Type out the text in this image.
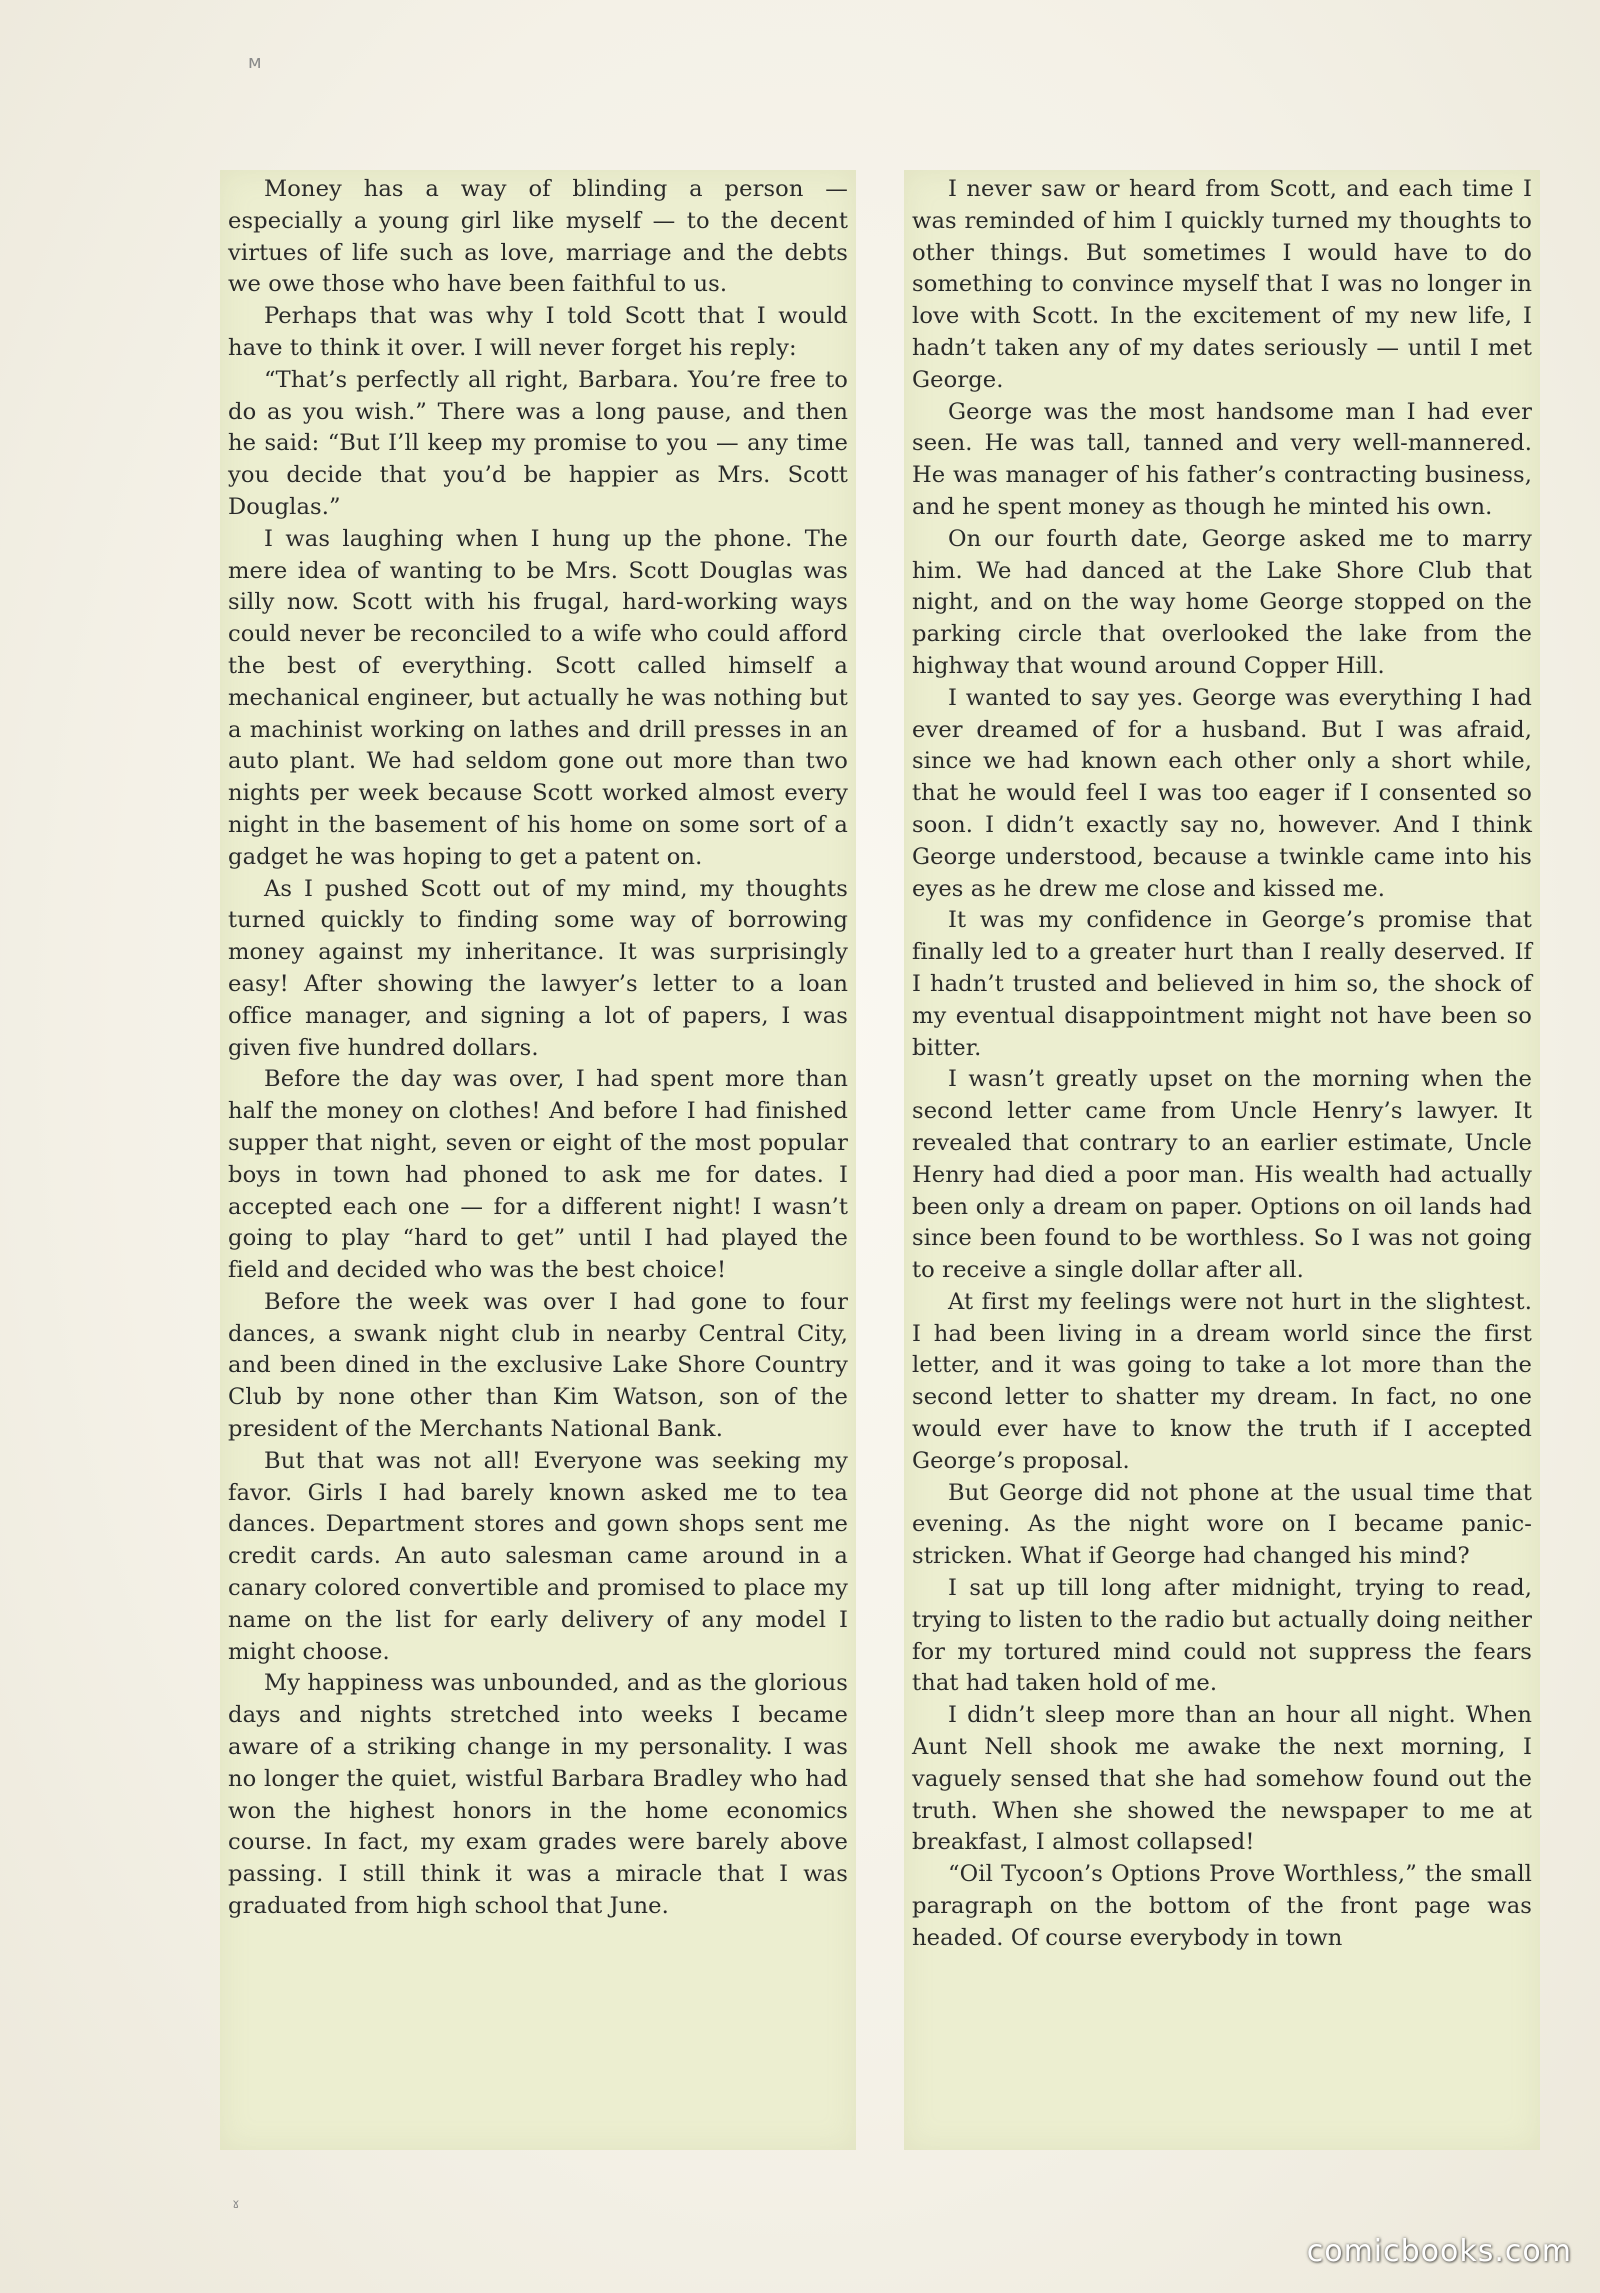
ᴍ

Money has a way of blinding a person — especially a young girl like myself — to the decent virtues of life such as love, marriage and the debts we owe those who have been faithful to us.

Perhaps that was why I told Scott that I would have to think it over. I will never forget his reply:

“That’s perfectly all right, Barbara. You’re free to do as you wish.” There was a long pause, and then he said: “But I’ll keep my promise to you — any time you decide that you’d be happier as Mrs. Scott Douglas.”

I was laughing when I hung up the phone. The mere idea of wanting to be Mrs. Scott Douglas was silly now. Scott with his frugal, hard-working ways could never be reconciled to a wife who could afford the best of everything. Scott called himself a mechanical engineer, but actually he was nothing but a machinist working on lathes and drill presses in an auto plant. We had seldom gone out more than two nights per week because Scott worked almost every night in the basement of his home on some sort of a gadget he was hoping to get a patent on.

As I pushed Scott out of my mind, my thoughts turned quickly to finding some way of borrowing money against my inheritance. It was surprisingly easy! After showing the lawyer’s letter to a loan office manager, and signing a lot of papers, I was given five hundred dollars.

Before the day was over, I had spent more than half the money on clothes! And before I had finished supper that night, seven or eight of the most popular boys in town had phoned to ask me for dates. I accepted each one — for a different night! I wasn’t going to play “hard to get” until I had played the field and decided who was the best choice!

Before the week was over I had gone to four dances, a swank night club in nearby Central City, and been dined in the exclusive Lake Shore Country Club by none other than Kim Watson, son of the president of the Merchants National Bank.

But that was not all! Everyone was seeking my favor. Girls I had barely known asked me to tea dances. Department stores and gown shops sent me credit cards. An auto salesman came around in a canary colored convertible and promised to place my name on the list for early delivery of any model I might choose.

My happiness was unbounded, and as the glorious days and nights stretched into weeks I became aware of a striking change in my personality. I was no longer the quiet, wistful Barbara Bradley who had won the highest honors in the home economics course. In fact, my exam grades were barely above passing. I still think it was a miracle that I was graduated from high school that June.

I never saw or heard from Scott, and each time I was reminded of him I quickly turned my thoughts to other things. But sometimes I would have to do something to convince myself that I was no longer in love with Scott. In the excitement of my new life, I hadn’t taken any of my dates seriously — until I met George.

George was the most handsome man I had ever seen. He was tall, tanned and very well-mannered. He was manager of his father’s contracting business, and he spent money as though he minted his own.

On our fourth date, George asked me to marry him. We had danced at the Lake Shore Club that night, and on the way home George stopped on the parking circle that overlooked the lake from the highway that wound around Copper Hill.

I wanted to say yes. George was everything I had ever dreamed of for a husband. But I was afraid, since we had known each other only a short while, that he would feel I was too eager if I consented so soon. I didn’t exactly say no, however. And I think George understood, because a twinkle came into his eyes as he drew me close and kissed me.

It was my confidence in George’s promise that finally led to a greater hurt than I really deserved. If I hadn’t trusted and believed in him so, the shock of my eventual disappointment might not have been so bitter.

I wasn’t greatly upset on the morning when the second letter came from Uncle Henry’s lawyer. It revealed that contrary to an earlier estimate, Uncle Henry had died a poor man. His wealth had actually been only a dream on paper. Options on oil lands had since been found to be worthless. So I was not going to receive a single dollar after all.

At first my feelings were not hurt in the slightest. I had been living in a dream world since the first letter, and it was going to take a lot more than the second letter to shatter my dream. In fact, no one would ever have to know the truth if I accepted George’s proposal.

But George did not phone at the usual time that evening. As the night wore on I became panic-stricken. What if George had changed his mind?

I sat up till long after midnight, trying to read, trying to listen to the radio but actually doing neither for my tortured mind could not suppress the fears that had taken hold of me.

I didn’t sleep more than an hour all night. When Aunt Nell shook me awake the next morning, I vaguely sensed that she had somehow found out the truth. When she showed the newspaper to me at breakfast, I almost collapsed!

“Oil Tycoon’s Options Prove Worthless,” the small paragraph on the bottom of the front page was headed. Of course everybody in town

ˠ
comicbooks.com
